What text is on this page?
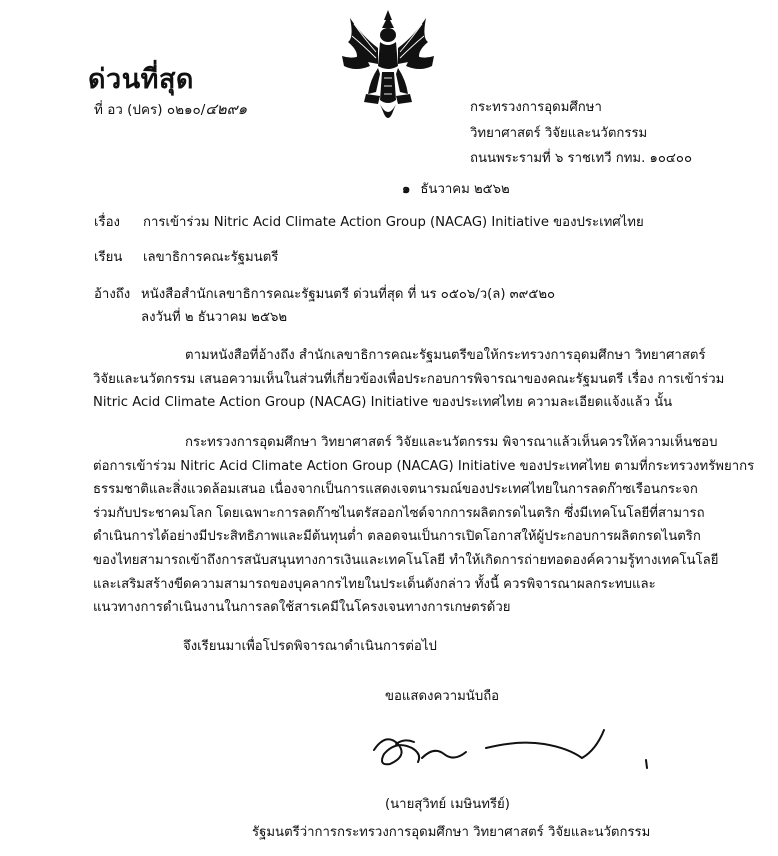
ด่วนที่สุด
ที่ อว (ปคร) ๐๒๑๐/๔๒๙๑	กระทรวงการอุดมศึกษา
วิทยาศาสตร์ วิจัยและนวัตกรรม
ถนนพระรามที่ ๖ ราชเทวี กทม. ๑๐๔๐๐
๑ ธันวาคม ๒๕๖๒
เรื่อง การเข้าร่วม Nitric Acid Climate Action Group (NACAG) Initiative ของประเทศไทย
เรียน เลขาธิการคณะรัฐมนตรี
อ้างถึง หนังสือสำนักเลขาธิการคณะรัฐมนตรี ด่วนที่สุด ที่ นร ๐๕๐๖/ว(ล) ๓๙๕๒๐
ลงวันที่ ๒ ธันวาคม ๒๕๖๒
ตามหนังสือที่อ้างถึง สำนักเลขาธิการคณะรัฐมนตรีขอให้กระทรวงการอุดมศึกษา วิทยาศาสตร์
วิจัยและนวัตกรรม เสนอความเห็นในส่วนที่เกี่ยวข้องเพื่อประกอบการพิจารณาของคณะรัฐมนตรี เรื่อง การเข้าร่วม
Nitric Acid Climate Action Group (NACAG) Initiative ของประเทศไทย ความละเอียดแจ้งแล้ว นั้น
กระทรวงการอุดมศึกษา วิทยาศาสตร์ วิจัยและนวัตกรรม พิจารณาแล้วเห็นควรให้ความเห็นชอบ
ต่อการเข้าร่วม Nitric Acid Climate Action Group (NACAG) Initiative ของประเทศไทย ตามที่กระทรวงทรัพยากร
ธรรมชาติและสิ่งแวดล้อมเสนอ เนื่องจากเป็นการแสดงเจตนารมณ์ของประเทศไทยในการลดก๊าซเรือนกระจก
ร่วมกับประชาคมโลก โดยเฉพาะการลดก๊าซไนตรัสออกไซด์จากการผลิตกรดไนตริก ซึ่งมีเทคโนโลยีที่สามารถ
ดำเนินการได้อย่างมีประสิทธิภาพและมีต้นทุนต่ำ ตลอดจนเป็นการเปิดโอกาสให้ผู้ประกอบการผลิตกรดไนตริก
ของไทยสามารถเข้าถึงการสนับสนุนทางการเงินและเทคโนโลยี ทำให้เกิดการถ่ายทอดองค์ความรู้ทางเทคโนโลยี
และเสริมสร้างขีดความสามารถของบุคลากรไทยในประเด็นดังกล่าว ทั้งนี้ ควรพิจารณาผลกระทบและ
แนวทางการดำเนินงานในการลดใช้สารเคมีในโครงเจนทางการเกษตรด้วย
จึงเรียนมาเพื่อโปรดพิจารณาดำเนินการต่อไป
ขอแสดงความนับถือ
(นายสุวิทย์ เมษินทรีย์)
รัฐมนตรีว่าการกระทรวงการอุดมศึกษา วิทยาศาสตร์ วิจัยและนวัตกรรม
